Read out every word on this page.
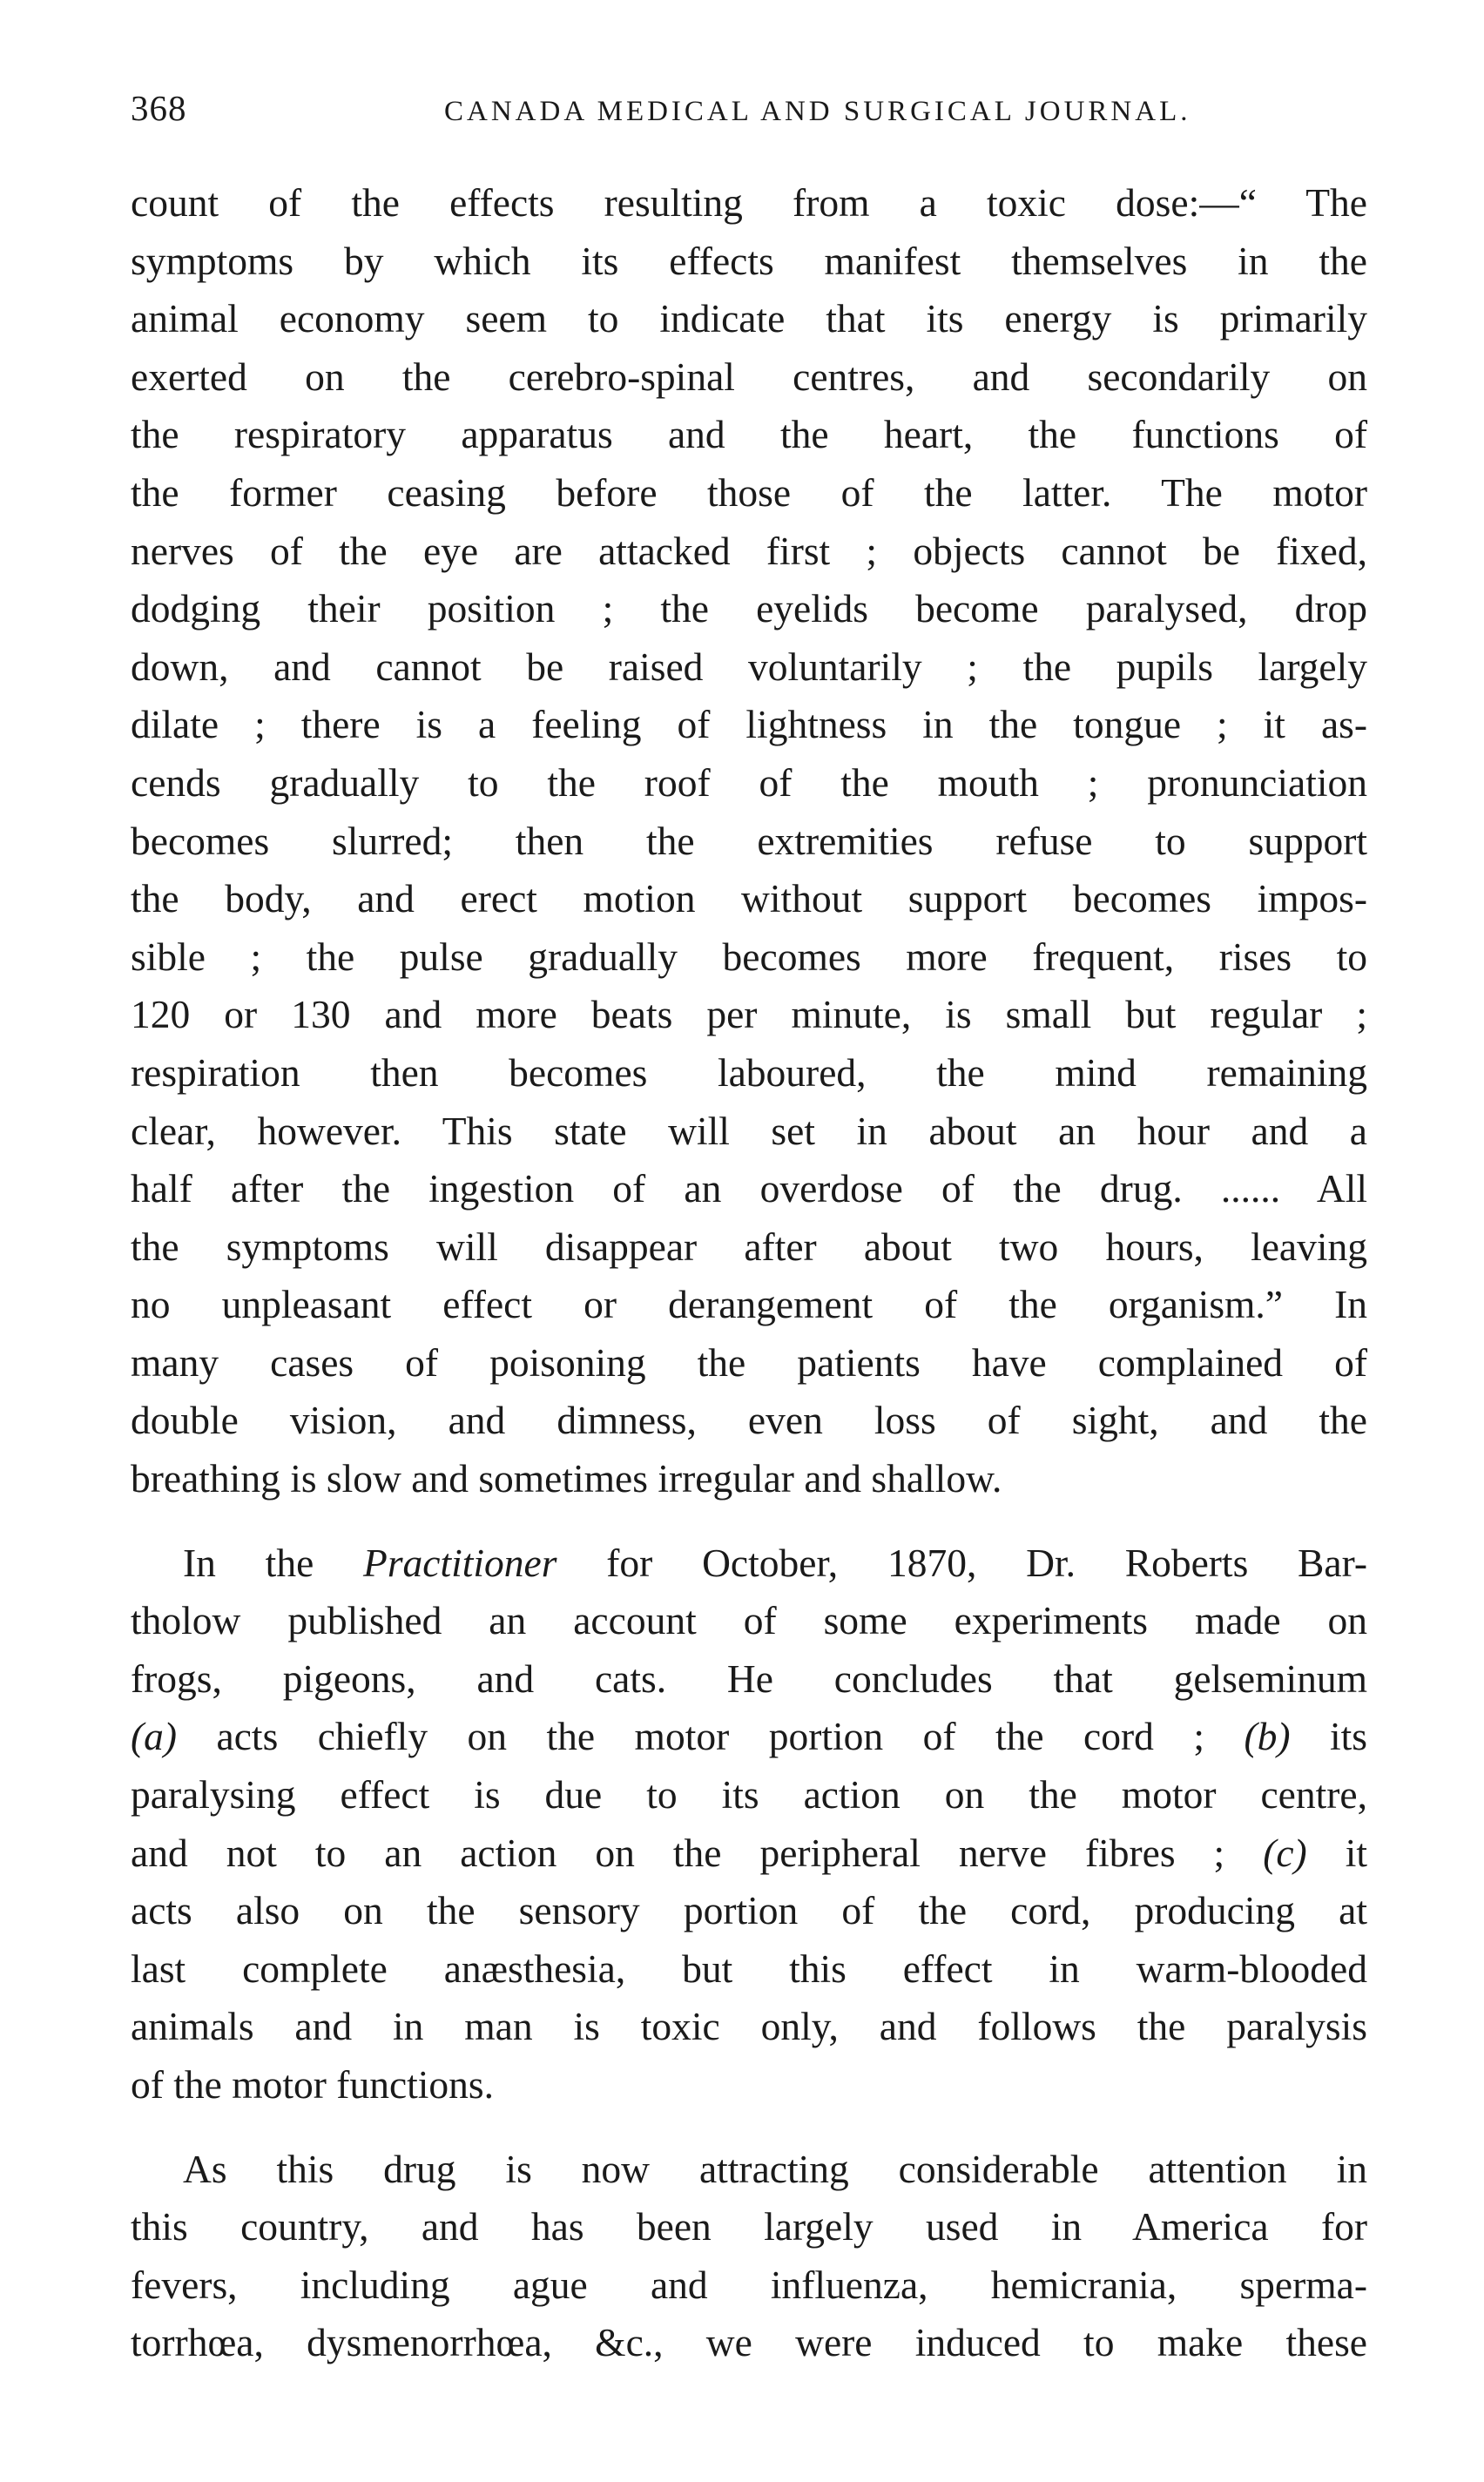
368	CANADA MEDICAL AND SURGICAL JOURNAL.

count of the effects resulting from a toxic dose:—“ The
symptoms by which its effects manifest themselves in the
animal economy seem to indicate that its energy is primarily
exerted on the cerebro-spinal centres, and secondarily on
the respiratory apparatus and the heart, the functions of
the former ceasing before those of the latter. The motor
nerves of the eye are attacked first ; objects cannot be fixed,
dodging their position ; the eyelids become paralysed, drop
down, and cannot be raised voluntarily ; the pupils largely
dilate ; there is a feeling of lightness in the tongue ; it as-
cends gradually to the roof of the mouth ; pronunciation
becomes slurred; then the extremities refuse to support
the body, and erect motion without support becomes impos-
sible ; the pulse gradually becomes more frequent, rises to
120 or 130 and more beats per minute, is small but regular ;
respiration then becomes laboured, the mind remaining
clear, however. This state will set in about an hour and a
half after the ingestion of an overdose of the drug. ...... All
the symptoms will disappear after about two hours, leaving
no unpleasant effect or derangement of the organism.” In
many cases of poisoning the patients have complained of
double vision, and dimness, even loss of sight, and the
breathing is slow and sometimes irregular and shallow.

In the Practitioner for October, 1870, Dr. Roberts Bar-
tholow published an account of some experiments made on
frogs, pigeons, and cats. He concludes that gelseminum
(a) acts chiefly on the motor portion of the cord ; (b) its
paralysing effect is due to its action on the motor centre,
and not to an action on the peripheral nerve fibres ; (c) it
acts also on the sensory portion of the cord, producing at
last complete anæsthesia, but this effect in warm-blooded
animals and in man is toxic only, and follows the paralysis
of the motor functions.

As this drug is now attracting considerable attention in
this country, and has been largely used in America for
fevers, including ague and influenza, hemicrania, sperma-
torrhœa, dysmenorrhœa, &c., we were induced to make these
